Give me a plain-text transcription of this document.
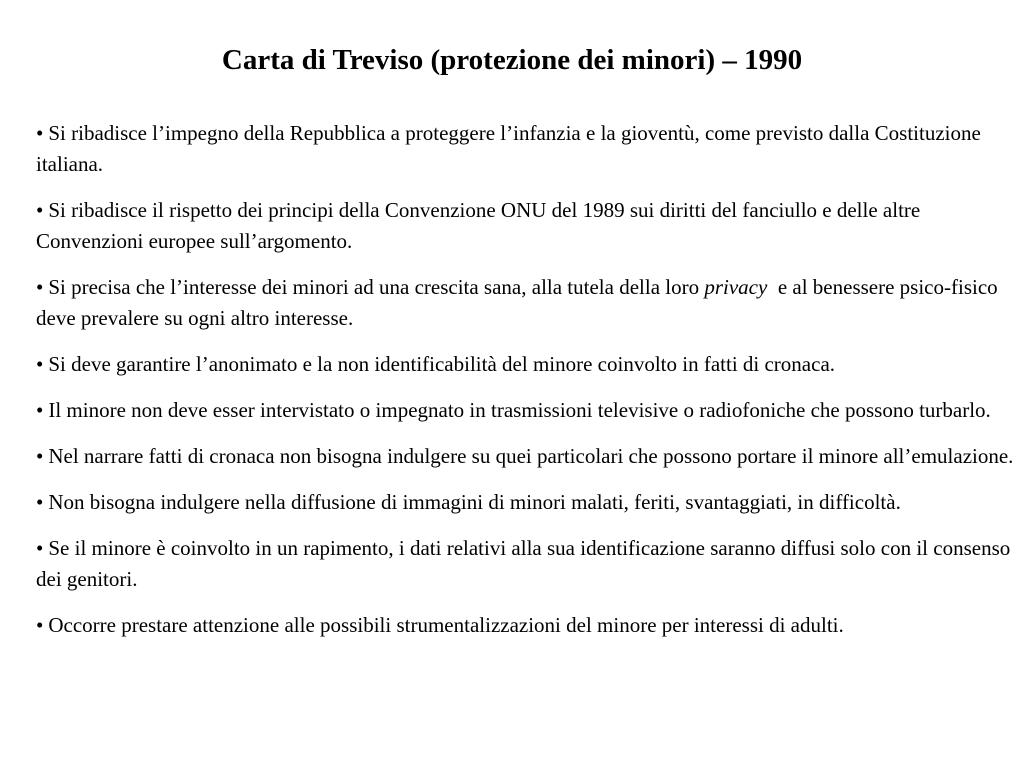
Carta di Treviso (protezione dei minori) – 1990
• Si ribadisce l’impegno della Repubblica a proteggere l’infanzia e la gioventù, come previsto dalla Costituzione italiana.
• Si ribadisce il rispetto dei principi della Convenzione ONU del 1989 sui diritti del fanciullo e delle altre Convenzioni europee sull’argomento.
• Si precisa che l’interesse dei minori ad una crescita sana, alla tutela della loro privacy  e al benessere psico-fisico deve prevalere su ogni altro interesse.
• Si deve garantire l’anonimato e la non identificabilità del minore coinvolto in fatti di cronaca.
• Il minore non deve esser intervistato o impegnato in trasmissioni televisive o radiofoniche che possono turbarlo.
• Nel narrare fatti di cronaca non bisogna indulgere su quei particolari che possono portare il minore all’emulazione.
• Non bisogna indulgere nella diffusione di immagini di minori malati, feriti, svantaggiati, in difficoltà.
• Se il minore è coinvolto in un rapimento, i dati relativi alla sua identificazione saranno diffusi solo con il consenso dei genitori.
• Occorre prestare attenzione alle possibili strumentalizzazioni del minore per interessi di adulti.
